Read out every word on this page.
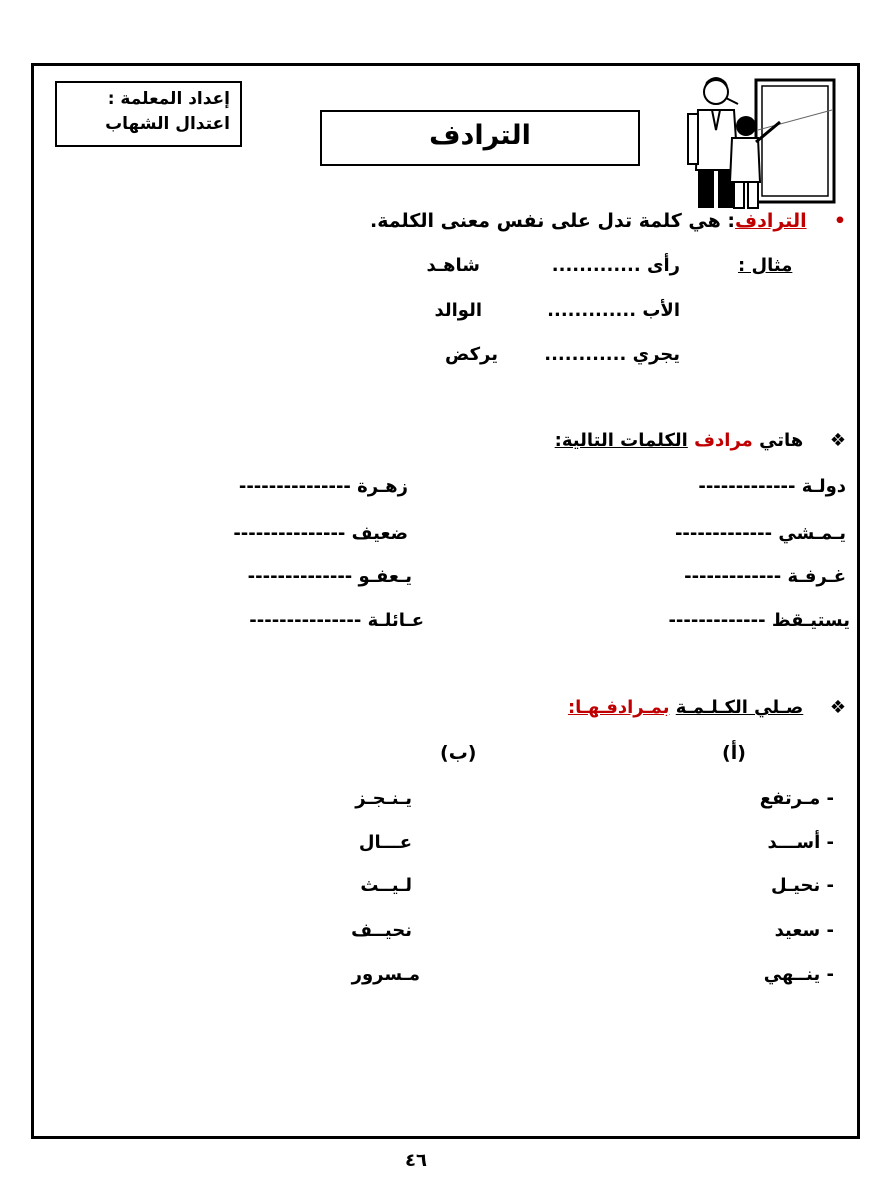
إعداد المعلمة :
اعتدال الشهاب	الترادف
•  الترادف: هي كلمة تدل على نفس معنى الكلمة.
مثال :
رأى .............
شاهـد
الأب .............
الوالد
يجري ............
يركض
❖  هاتي مرادف الكلمات التالية:
دولـة -------------
يـمـشي -------------
غـرفـة -------------
يستيـقظ -------------
زهـرة ---------------
ضعيف ---------------
يـعفـو --------------
عـائلـة ---------------
❖  صـلي الكـلـمـة بمـرادفـهـا:
(أ)
(ب)
- مـرتفع
- أســـد
- نحيـل
- سعيد
- ينــهي
يـنـجـز
عـــال
لـيــث
نحيــف
مـسرور
٤٦
